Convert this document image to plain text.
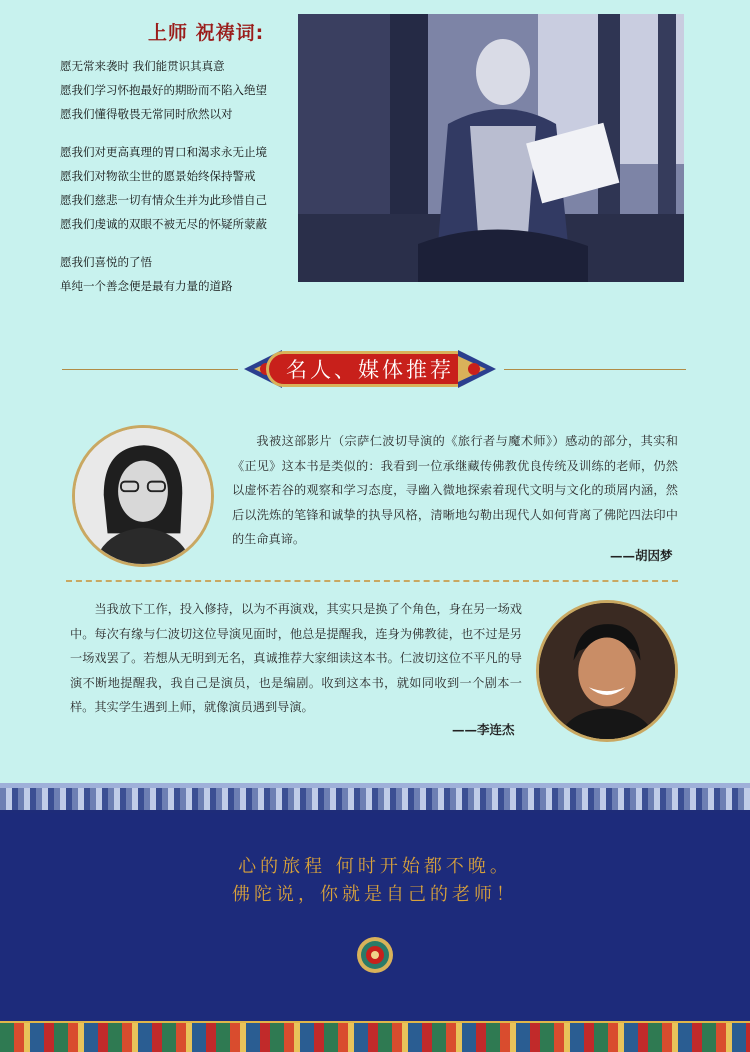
上师 祝祷词:
愿无常来袭时 我们能贯识其真意
愿我们学习怀抱最好的期盼而不陷入绝望
愿我们懂得敬畏无常同时欣然以对
愿我们对更高真理的胃口和渴求永无止境
愿我们对物欲尘世的愿景始终保持警戒
愿我们慈悲一切有情众生并为此珍惜自己
愿我们虔诚的双眼不被无尽的怀疑所蒙蔽
愿我们喜悦的了悟
单纯一个善念便是最有力量的道路
名人、媒体推荐
我被这部影片（宗萨仁波切导演的《旅行者与魔术师》）感动的部分，其实和《正见》这本书是类似的：我看到一位承继藏传佛教优良传统及训练的老师，仍然以虚怀若谷的观察和学习态度，寻幽入微地探索着现代文明与文化的琐屑内涵，然后以洗炼的笔锋和诚挚的执导风格，清晰地勾勒出现代人如何背离了佛陀四法印中的生命真谛。
——胡因梦
当我放下工作，投入修持，以为不再演戏，其实只是换了个角色，身在另一场戏中。每次有缘与仁波切这位导演见面时，他总是提醒我，连身为佛教徒，也不过是另一场戏罢了。若想从无明到无名，真诚推荐大家细读这本书。仁波切这位不平凡的导演不断地提醒我，我自己是演员，也是编剧。收到这本书，就如同收到一个剧本一样。其实学生遇到上师，就像演员遇到导演。
——李连杰
心的旅程 何时开始都不晚。
佛陀说，你就是自己的老师！
